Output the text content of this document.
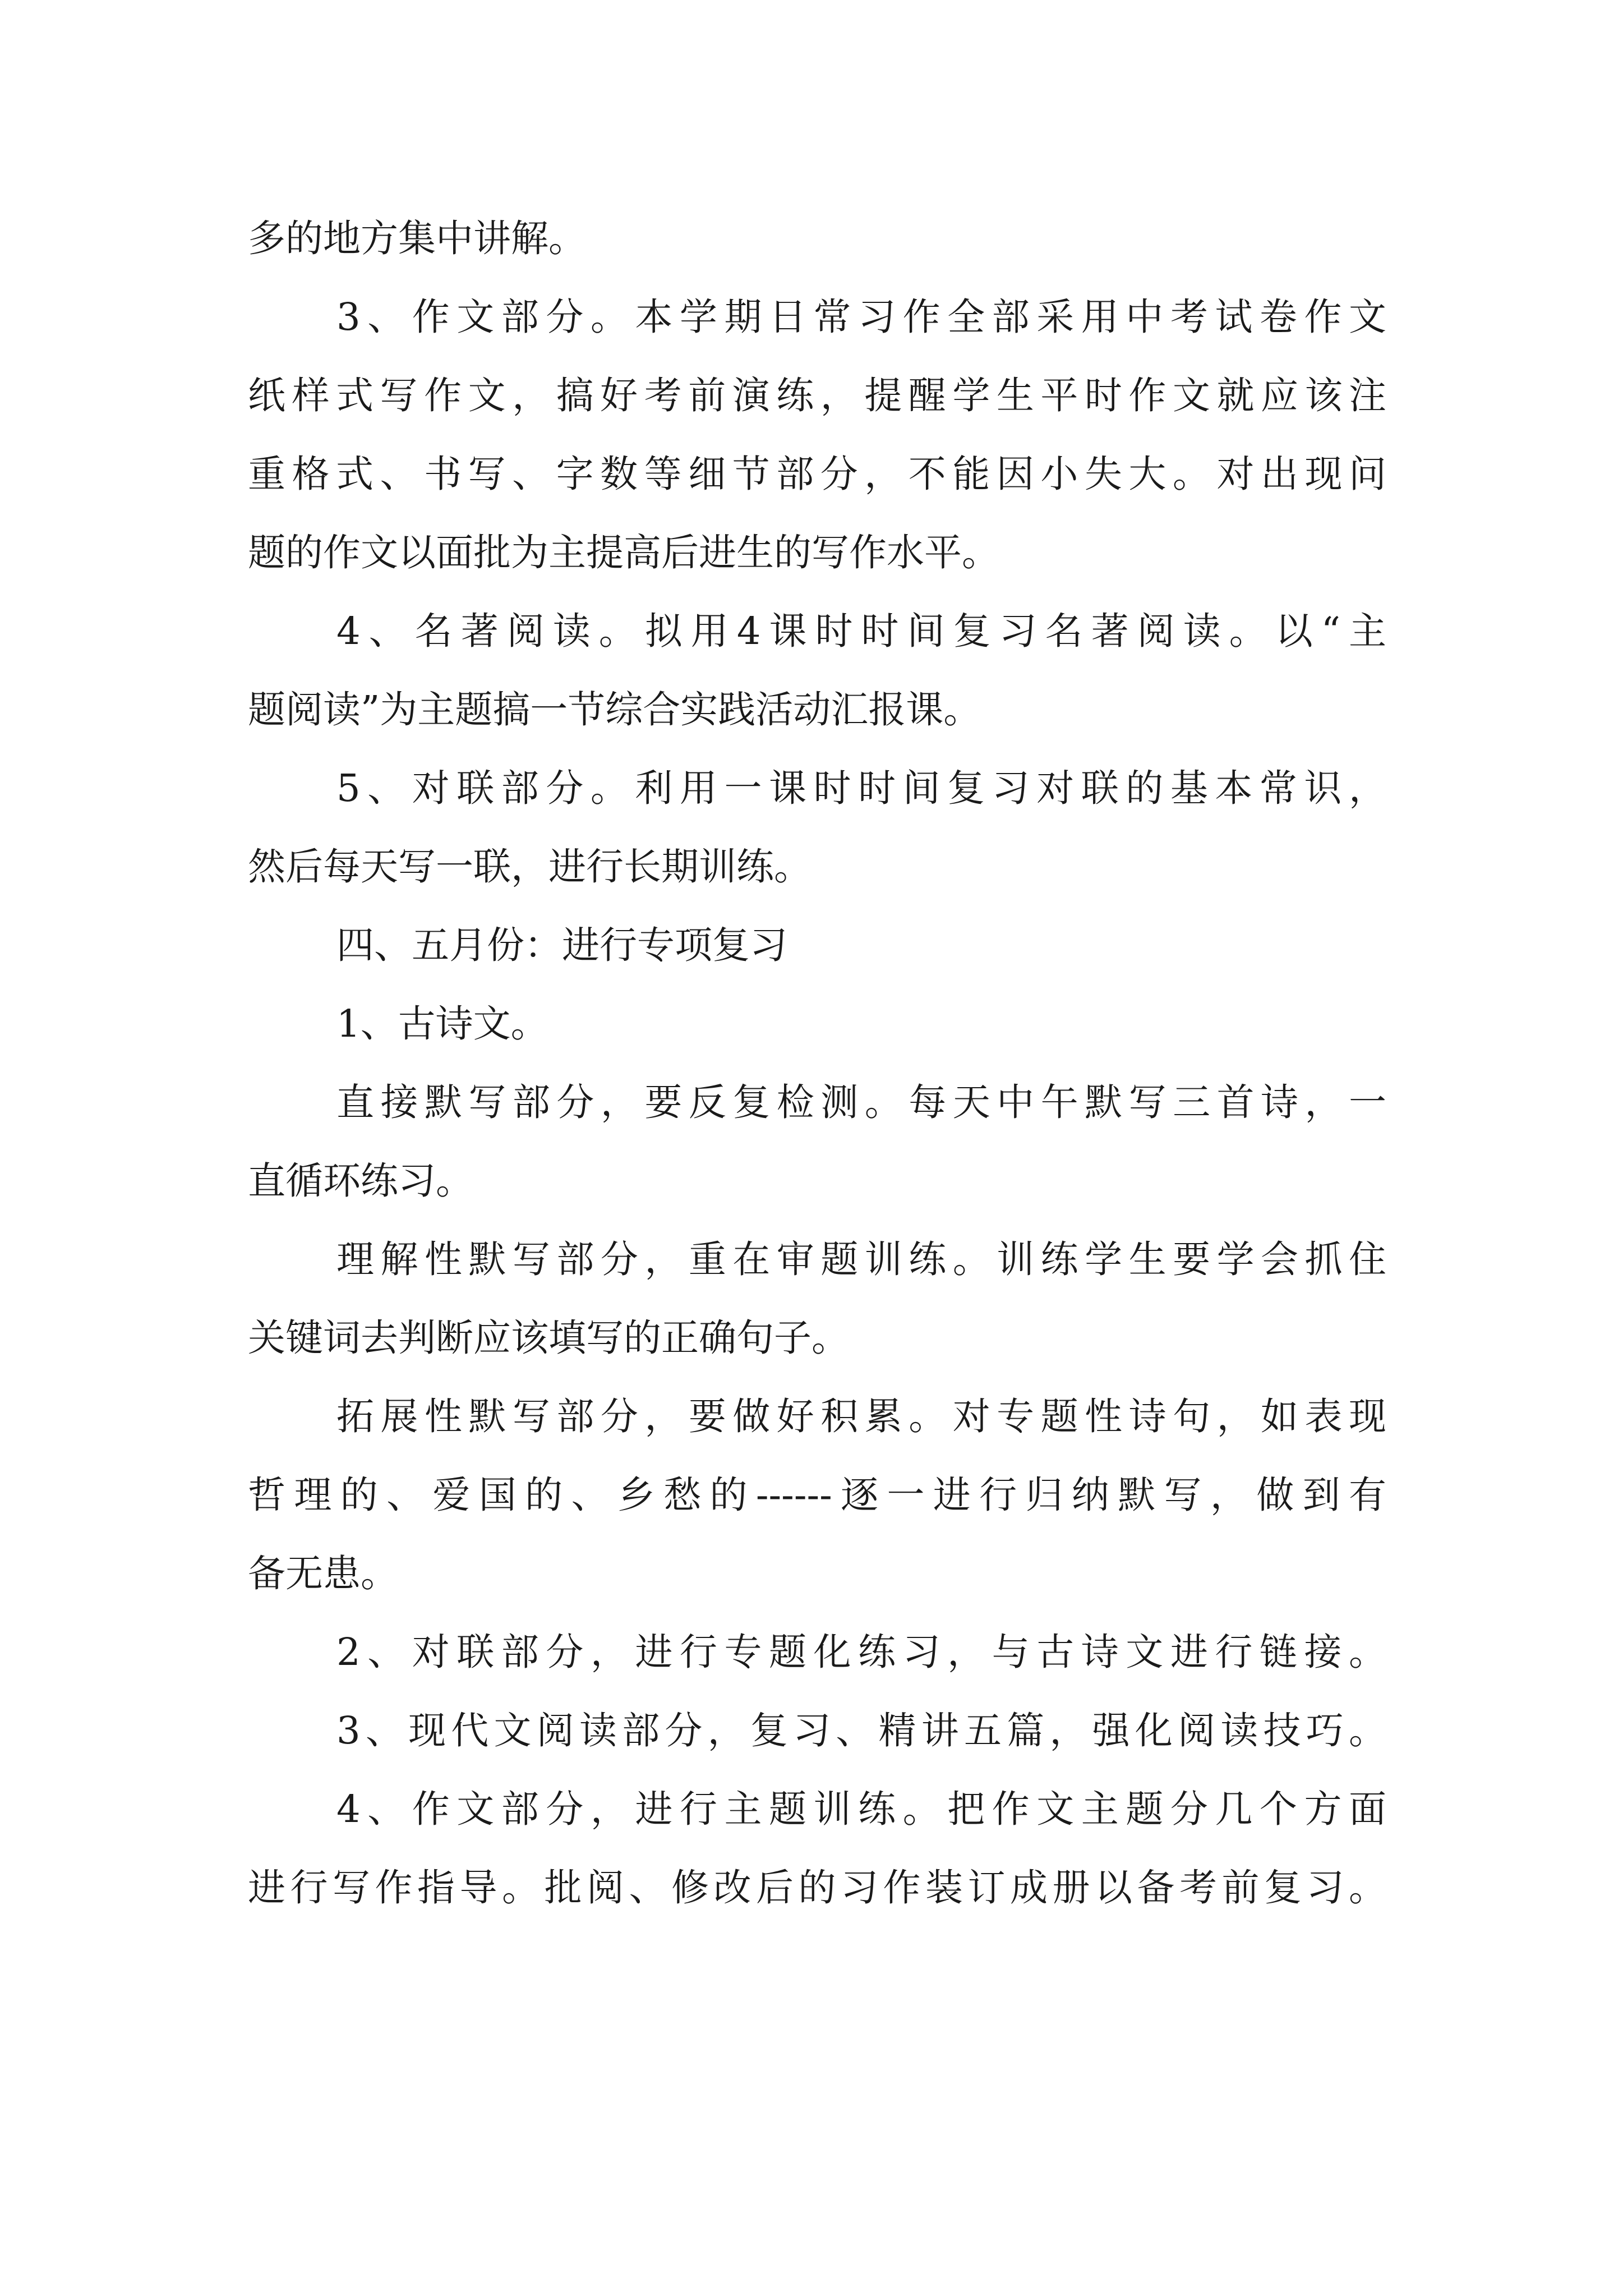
多的地方集中讲解。
3、作文部分。本学期日常习作全部采用中考试卷作文
纸样式写作文，搞好考前演练，提醒学生平时作文就应该注
重格式、书写、字数等细节部分，不能因小失大。对出现问
题的作文以面批为主提高后进生的写作水平。
4、名著阅读。拟用4课时时间复习名著阅读。以“主
题阅读”为主题搞一节综合实践活动汇报课。
5、对联部分。利用一课时时间复习对联的基本常识，
然后每天写一联，进行长期训练。
四、五月份：进行专项复习
1、古诗文。
直接默写部分，要反复检测。每天中午默写三首诗，一
直循环练习。
理解性默写部分，重在审题训练。训练学生要学会抓住
关键词去判断应该填写的正确句子。
拓展性默写部分，要做好积累。对专题性诗句，如表现
哲理的、爱国的、乡愁的------逐一进行归纳默写，做到有
备无患。
2、对联部分，进行专题化练习，与古诗文进行链接。
3、现代文阅读部分，复习、精讲五篇，强化阅读技巧。
4、作文部分，进行主题训练。把作文主题分几个方面
进行写作指导。批阅、修改后的习作装订成册以备考前复习。
